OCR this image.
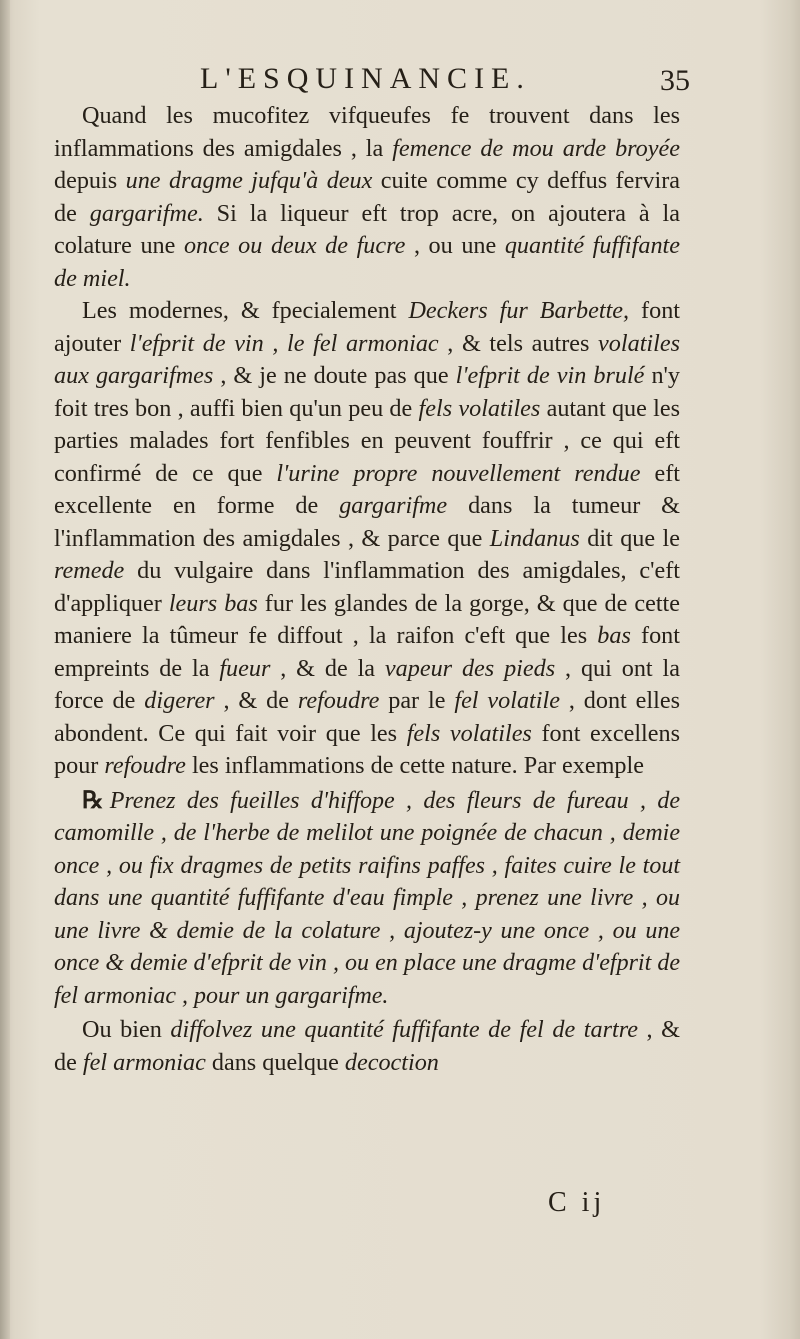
L'ESQUINANCIE.	35

Quand les mucofitez vifqueufes fe trouvent dans les inflammations des amigdales , la femence de mou arde broyée depuis une dragme jufqu'à deux cuite comme cy deffus fervira de gargarifme. Si la liqueur eft trop acre, on ajoutera à la colature une once ou deux de fucre , ou une quantité fuffifante de miel.

Les modernes, & fpecialement Deckers fur Barbette, font ajouter l'efprit de vin , le fel armoniac , & tels autres volatiles aux gargarifmes , & je ne doute pas que l'efprit de vin brulé n'y foit tres bon , auffi bien qu'un peu de fels volatiles autant que les parties malades fort fenfibles en peuvent fouffrir , ce qui eft confirmé de ce que l'urine propre nouvellement rendue eft excellente en forme de gargarifme dans la tumeur & l'inflammation des amigdales , & parce que Lindanus dit que le remede du vulgaire dans l'inflammation des amigdales, c'eft d'appliquer leurs bas fur les glandes de la gorge, & que de cette maniere la tûmeur fe diffout , la raifon c'eft que les bas font empreints de la fueur , & de la vapeur des pieds , qui ont la force de digerer , & de refoudre par le fel volatile , dont elles abondent. Ce qui fait voir que les fels volatiles font excellens pour refoudre les inflammations de cette nature. Par exemple

℞ Prenez des fueilles d'hiffope , des fleurs de fureau , de camomille , de l'herbe de melilot une poignée de chacun , demie once , ou fix dragmes de petits raifins paffes , faites cuire le tout dans une quantité fuffifante d'eau fimple , prenez une livre , ou une livre & demie de la colature , ajoutez-y une once , ou une once & demie d'efprit de vin , ou en place une dragme d'efprit de fel armoniac , pour un gargarifme.

Ou bien diffolvez une quantité fuffifante de fel de tartre , & de fel armoniac dans quelque decoction

C ij
